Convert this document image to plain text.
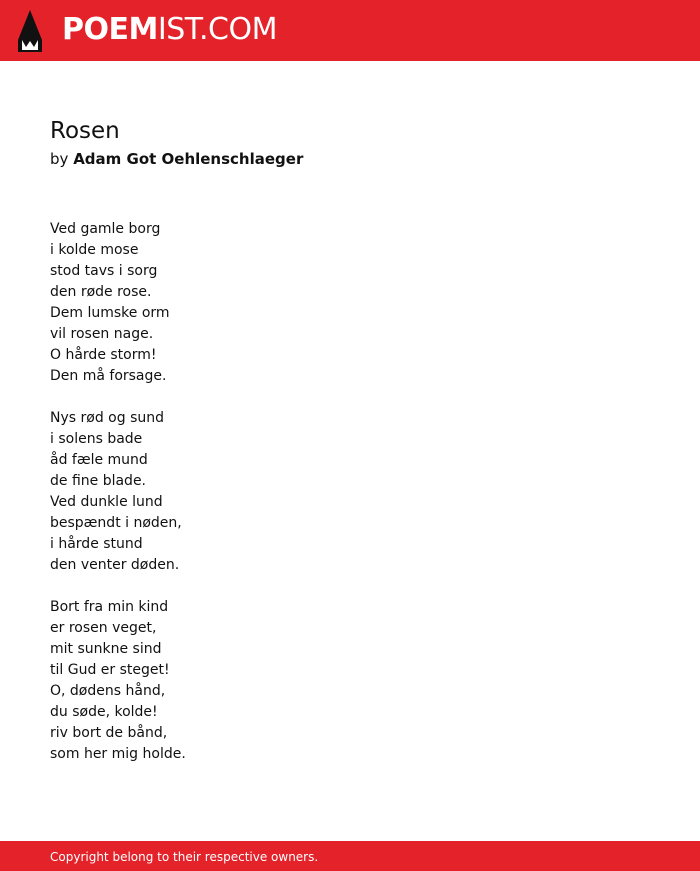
POEMIST.COM
Rosen
by Adam Got Oehlenschlaeger
Ved gamle borg
i kolde mose
stod tavs i sorg
den røde rose.
Dem lumske orm
vil rosen nage.
O hårde storm!
Den må forsage.
Nys rød og sund
i solens bade
åd fæle mund
de fine blade.
Ved dunkle lund
bespændt i nøden,
i hårde stund
den venter døden.
Bort fra min kind
er rosen veget,
mit sunkne sind
til Gud er steget!
O, dødens hånd,
du søde, kolde!
riv bort de bånd,
som her mig holde.
Copyright belong to their respective owners.
